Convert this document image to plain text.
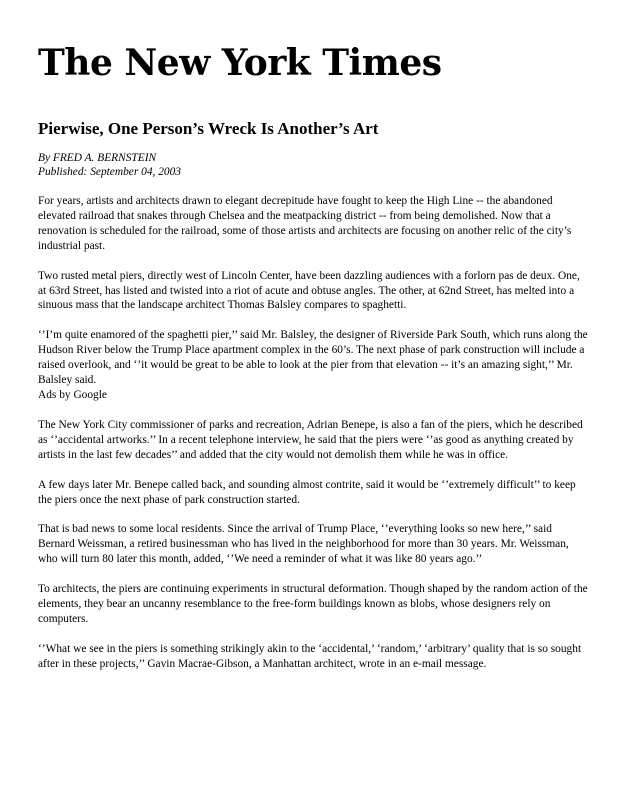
The New York Times
Pierwise, One Person’s Wreck Is Another’s Art
By FRED A. BERNSTEIN
Published: September 04, 2003

For years, artists and architects drawn to elegant decrepitude have fought to keep the High Line -- the abandoned elevated railroad that snakes through Chelsea and the meatpacking district -- from being demolished. Now that a renovation is scheduled for the railroad, some of those artists and architects are focusing on another relic of the city’s industrial past.

Two rusted metal piers, directly west of Lincoln Center, have been dazzling audiences with a forlorn pas de deux. One, at 63rd Street, has listed and twisted into a riot of acute and obtuse angles. The other, at 62nd Street, has melted into a sinuous mass that the landscape architect Thomas Balsley compares to spaghetti.

‘’I’m quite enamored of the spaghetti pier,’’ said Mr. Balsley, the designer of Riverside Park South, which runs along the Hudson River below the Trump Place apartment complex in the 60’s. The next phase of park construction will include a raised overlook, and ‘’it would be great to be able to look at the pier from that elevation -- it’s an amazing sight,’’ Mr. Balsley said.

Ads by Google

The New York City commissioner of parks and recreation, Adrian Benepe, is also a fan of the piers, which he described as ‘’accidental artworks.’’ In a recent telephone interview, he said that the piers were ‘’as good as anything created by artists in the last few decades’’ and added that the city would not demolish them while he was in office.

A few days later Mr. Benepe called back, and sounding almost contrite, said it would be ‘’extremely difficult’’ to keep the piers once the next phase of park construction started.

That is bad news to some local residents. Since the arrival of Trump Place, ‘’everything looks so new here,’’ said Bernard Weissman, a retired businessman who has lived in the neighborhood for more than 30 years. Mr. Weissman, who will turn 80 later this month, added, ‘’We need a reminder of what it was like 80 years ago.’’

To architects, the piers are continuing experiments in structural deformation. Though shaped by the random action of the elements, they bear an uncanny resemblance to the free-form buildings known as blobs, whose designers rely on computers.

‘’What we see in the piers is something strikingly akin to the ‘accidental,’ ‘random,’ ‘arbitrary’ quality that is so sought after in these projects,’’ Gavin Macrae-Gibson, a Manhattan architect, wrote in an e-mail message.
